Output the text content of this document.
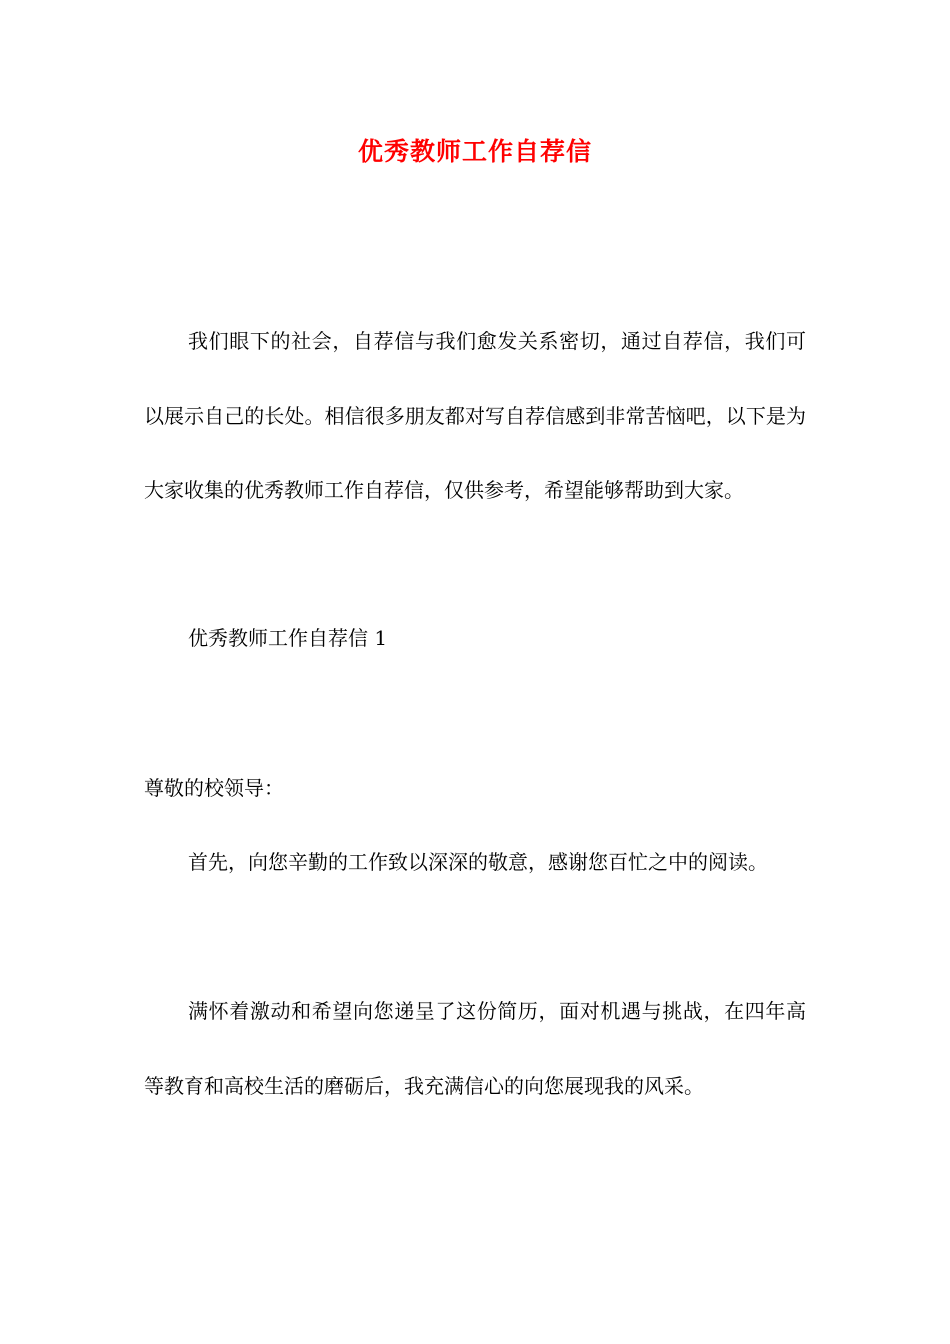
优秀教师工作自荐信

我们眼下的社会，自荐信与我们愈发关系密切，通过自荐信，我们可以展示自己的长处。相信很多朋友都对写自荐信感到非常苦恼吧，以下是为大家收集的优秀教师工作自荐信，仅供参考，希望能够帮助到大家。

优秀教师工作自荐信 1

尊敬的校领导：

首先，向您辛勤的工作致以深深的敬意，感谢您百忙之中的阅读。

满怀着激动和希望向您递呈了这份简历，面对机遇与挑战，在四年高等教育和高校生活的磨砺后，我充满信心的向您展现我的风采。
